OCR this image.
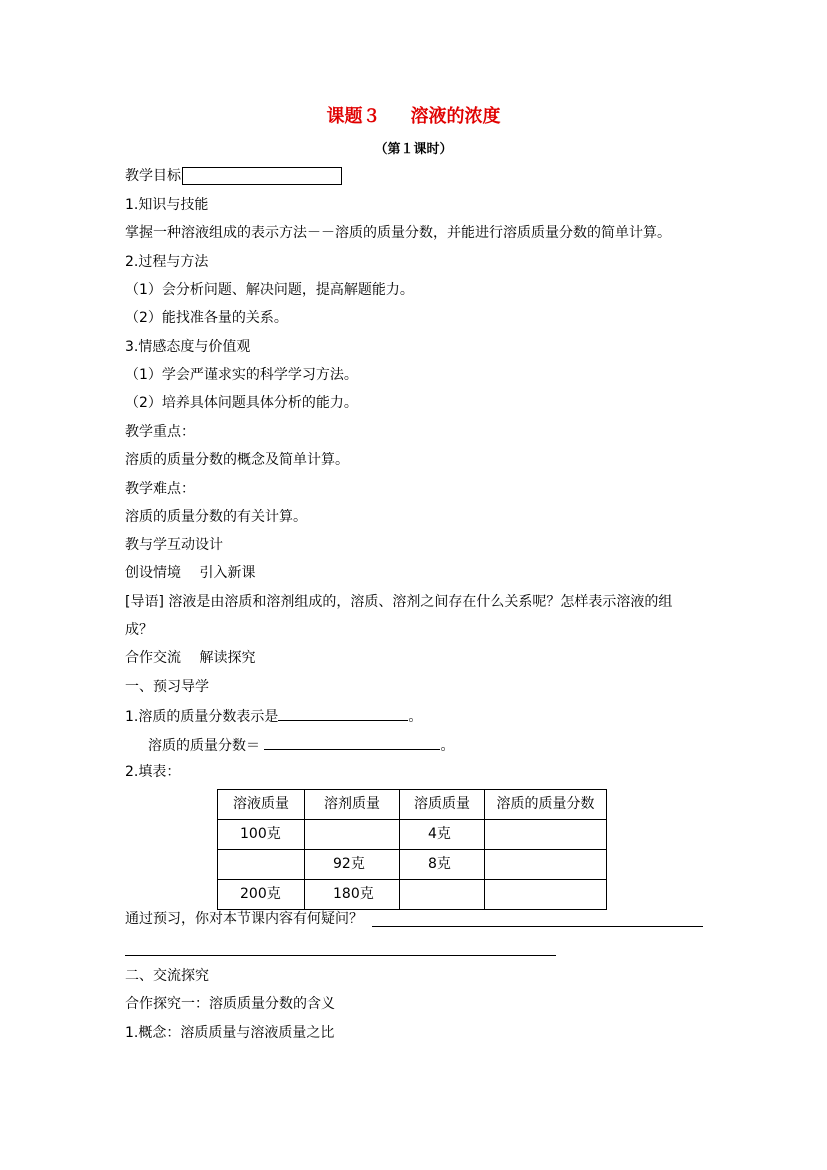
课题３ 溶液的浓度
（第１课时）
教学目标
1.知识与技能
掌握一种溶液组成的表示方法－－溶质的质量分数，并能进行溶质质量分数的简单计算。
2.过程与方法
（1）会分析问题、解决问题，提高解题能力。
（2）能找准各量的关系。
3.情感态度与价值观
（1）学会严谨求实的科学学习方法。
（2）培养具体问题具体分析的能力。
教学重点：
溶质的质量分数的概念及简单计算。
教学难点：
溶质的质量分数的有关计算。
教与学互动设计
创设情境　 引入新课
[导语] 溶液是由溶质和溶剂组成的，溶质、溶剂之间存在什么关系呢？怎样表示溶液的组
成？
合作交流　 解读探究
一、预习导学
1.溶质的质量分数表示是	。
溶质的质量分数＝	。
2.填表：
溶液质量	溶剂质量	溶质质量	溶质的质量分数

100克		4克	

	92克	8克	

200克	180克		

通过预习，你对本节课内容有何疑问？
二、交流探究
合作探究一：溶质质量分数的含义
1.概念：溶质质量与溶液质量之比
